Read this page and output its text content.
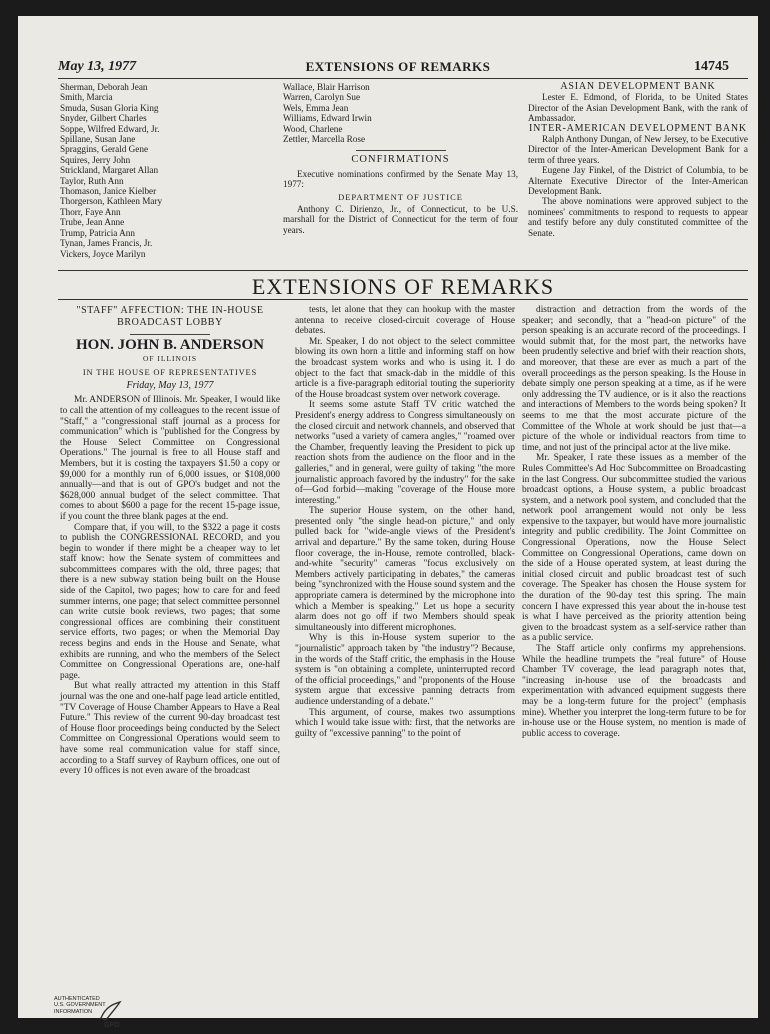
May 13, 1977	EXTENSIONS OF REMARKS	14745
Sherman, Deborah Jean
Smith, Marcia
Smuda, Susan Gloria King
Snyder, Gilbert Charles
Soppe, Wilfred Edward, Jr.
Spillane, Susan Jane
Spraggins, Gerald Gene
Squires, Jerry John
Strickland, Margaret Allan
Taylor, Ruth Ann
Thomason, Janice Kielber
Thorgerson, Kathleen Mary
Thorr, Faye Ann
Trube, Jean Anne
Trump, Patricia Ann
Tynan, James Francis, Jr.
Vickers, Joyce Marilyn
Wallace, Blair Harrison
Warren, Carolyn Sue
Wels, Emma Jean
Williams, Edward Irwin
Wood, Charlene
Zettler, Marcella Rose
CONFIRMATIONS

Executive nominations confirmed by the Senate May 13, 1977:

DEPARTMENT OF JUSTICE

Anthony C. Dirienzo, Jr., of Connecticut, to be U.S. marshall for the District of Connecticut for the term of four years.

ASIAN DEVELOPMENT BANK

Lester E. Edmond, of Florida, to be United States Director of the Asian Development Bank, with the rank of Ambassador.

INTER-AMERICAN DEVELOPMENT BANK

Ralph Anthony Dungan, of New Jersey, to be Executive Director of the Inter-American Development Bank for a term of three years.

Eugene Jay Finkel, of the District of Columbia, to be Alternate Executive Director of the Inter-American Development Bank.

The above nominations were approved subject to the nominees' commitments to respond to requests to appear and testify before any duly constituted committee of the Senate.

EXTENSIONS OF REMARKS
"STAFF" AFFECTION: THE IN-HOUSE BROADCAST LOBBY
HON. JOHN B. ANDERSON
OF ILLINOIS
IN THE HOUSE OF REPRESENTATIVES
Friday, May 13, 1977

Mr. ANDERSON of Illinois. Mr. Speaker, I would like to call the attention of my colleagues to the recent issue of "Staff," a "congressional staff journal as a process for communication" which is "published for the Congress by the House Select Committee on Congressional Operations." The journal is free to all House staff and Members, but it is costing the taxpayers $1.50 a copy or $9,000 for a monthly run of 6,000 issues, or $108,000 annually—and that is out of GPO's budget and not the $628,000 annual budget of the select committee. That comes to about $600 a page for the recent 15-page issue, if you count the three blank pages at the end.

Compare that, if you will, to the $322 a page it costs to publish the CONGRESSIONAL RECORD, and you begin to wonder if there might be a cheaper way to let staff know: how the Senate system of committees and subcommittees compares with the old, three pages; that there is a new subway station being built on the House side of the Capitol, two pages; how to care for and feed summer interns, one page; that select committee personnel can write cutsie book reviews, two pages; that some congressional offices are combining their constituent service efforts, two pages; or when the Memorial Day recess begins and ends in the House and Senate, what exhibits are running, and who the members of the Select Committee on Congressional Operations are, one-half page.

But what really attracted my attention in this Staff journal was the one and one-half page lead article entitled, "TV Coverage of House Chamber Appears to Have a Real Future." This review of the current 90-day broadcast test of House floor proceedings being conducted by the Select Committee on Congressional Operations would seem to have some real communication value for staff since, according to a Staff survey of Rayburn offices, one out of every 10 offices is not even aware of the broadcast

tests, let alone that they can hookup with the master antenna to receive closed-circuit coverage of House debates.

Mr. Speaker, I do not object to the select committee blowing its own horn a little and informing staff on how the broadcast system works and who is using it. I do object to the fact that smack-dab in the middle of this article is a five-paragraph editorial touting the superiority of the House broadcast system over network coverage.

It seems some astute Staff TV critic watched the President's energy address to Congress simultaneously on the closed circuit and network channels, and observed that networks "used a variety of camera angles," "roamed over the Chamber, frequently leaving the President to pick up reaction shots from the audience on the floor and in the galleries," and in general, were guilty of taking "the more journalistic approach favored by the industry" for the sake of—God forbid—making "coverage of the House more interesting."

The superior House system, on the other hand, presented only "the single head-on picture," and only pulled back for "wide-angle views of the President's arrival and departure." By the same token, during House floor coverage, the in-House, remote controlled, black-and-white "security" cameras "focus exclusively on Members actively participating in debates," the cameras being "synchronized with the House sound system and the appropriate camera is determined by the microphone into which a Member is speaking." Let us hope a security alarm does not go off if two Members should speak simultaneously into different microphones.

Why is this in-House system superior to the "journalistic" approach taken by "the industry"? Because, in the words of the Staff critic, the emphasis in the House system is "on obtaining a complete, uninterrupted record of the official proceedings," and "proponents of the House system argue that excessive panning detracts from audience understanding of a debate."

This argument, of course, makes two assumptions which I would take issue with: first, that the networks are guilty of "excessive panning" to the point of

distraction and detraction from the words of the speaker; and secondly, that a "head-on picture" of the person speaking is an accurate record of the proceedings. I would submit that, for the most part, the networks have been prudently selective and brief with their reaction shots, and moreover, that these are ever as much a part of the overall proceedings as the person speaking. Is the House in debate simply one person speaking at a time, as if he were only addressing the TV audience, or is it also the reactions and interactions of Members to the words being spoken? It seems to me that the most accurate picture of the Committee of the Whole at work should be just that—a picture of the whole or individual reactors from time to time, and not just of the principal actor at the live mike.

Mr. Speaker, I rate these issues as a member of the Rules Committee's Ad Hoc Subcommittee on Broadcasting in the last Congress. Our subcommittee studied the various broadcast options, a House system, a public broadcast system, and a network pool system, and concluded that the network pool arrangement would not only be less expensive to the taxpayer, but would have more journalistic integrity and public credibility. The Joint Committee on Congressional Operations, now the House Select Committee on Congressional Operations, came down on the side of a House operated system, at least during the initial closed circuit and public broadcast test of such coverage. The Speaker has chosen the House system for the duration of the 90-day test this spring. The main concern I have expressed this year about the in-house test is what I have perceived as the priority attention being given to the broadcast system as a self-service rather than as a public service.

The Staff article only confirms my apprehensions. While the headline trumpets the "real future" of House Chamber TV coverage, the lead paragraph notes that, "increasing in-house use of the broadcasts and experimentation with advanced equipment suggests there may be a long-term future for the project" (emphasis mine). Whether you interpret the long-term future to be for in-house use or the House system, no mention is made of public access to coverage.

AUTHENTICATED
U.S. GOVERNMENT
INFORMATION
GPO
